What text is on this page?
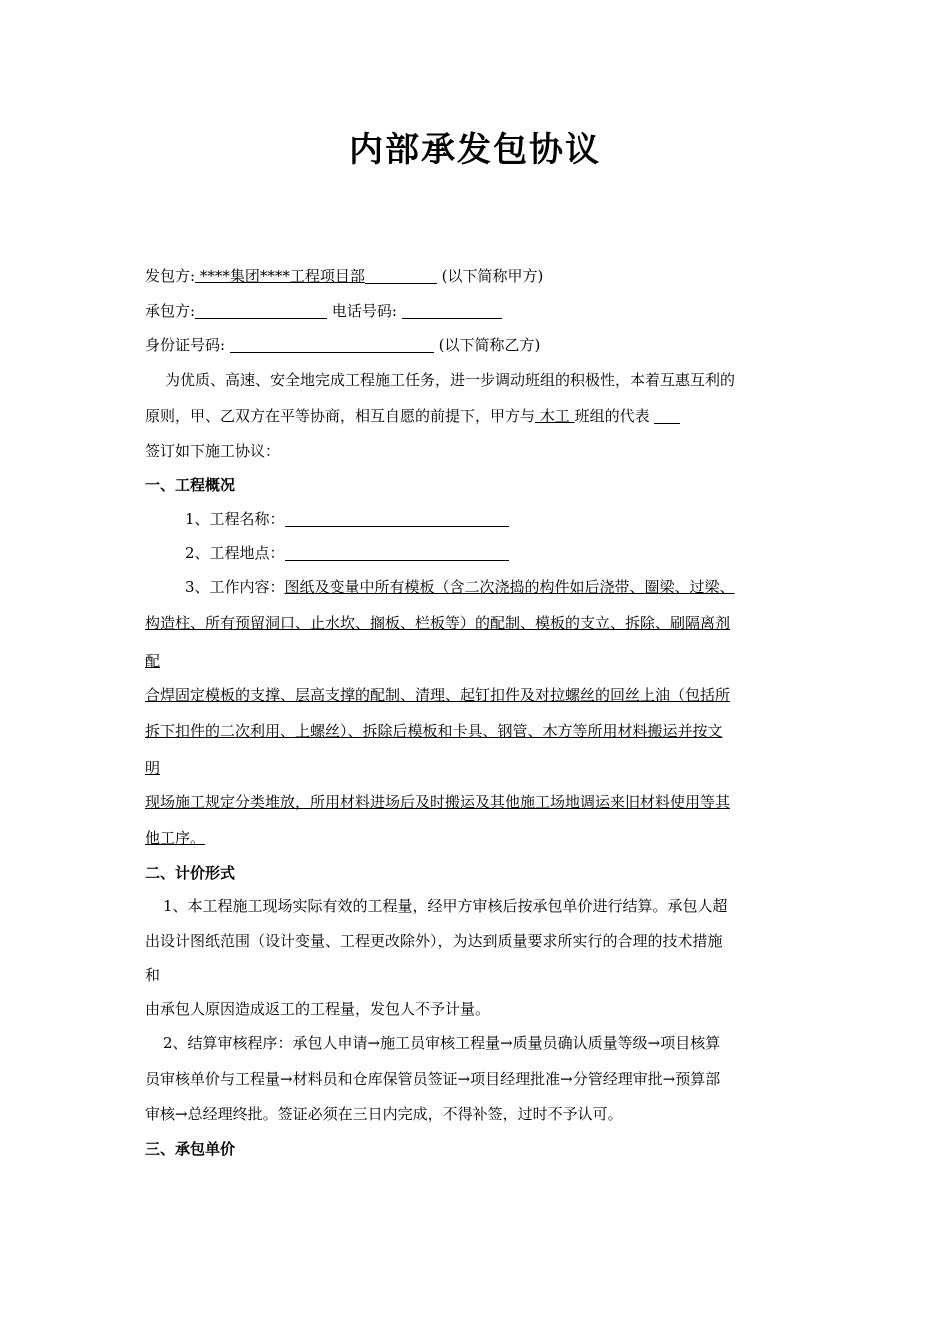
内部承发包协议
发包方: ****集团****工程项目部	(以下简称甲方)
承包方:	电话号码:
身份证号码:	(以下简称乙方)
为优质、高速、安全地完成工程施工任务，进一步调动班组的积极性，本着互惠互利的
原则，甲、乙双方在平等协商，相互自愿的前提下，甲方与 木工 班组的代表
签订如下施工协议：
一、工程概况
1、工程名称：
2、工程地点：
3、工作内容：图纸及变量中所有模板（含二次浇捣的构件如后浇带、圈梁、过梁、
构造柱、所有预留洞口、止水坎、搁板、栏板等）的配制、模板的支立、拆除、刷隔离剂
配
合焊固定模板的支撑、层高支撑的配制、清理、起钉扣件及对拉螺丝的回丝上油（包括所
拆下扣件的二次利用、上螺丝）、拆除后模板和卡具、钢管、木方等所用材料搬运并按文
明
现场施工规定分类堆放，所用材料进场后及时搬运及其他施工场地调运来旧材料使用等其
他工序。
二、计价形式
1、本工程施工现场实际有效的工程量，经甲方审核后按承包单价进行结算。承包人超
出设计图纸范围（设计变量、工程更改除外），为达到质量要求所实行的合理的技术措施
和
由承包人原因造成返工的工程量，发包人不予计量。
2、结算审核程序：承包人申请→施工员审核工程量→质量员确认质量等级→项目核算
员审核单价与工程量→材料员和仓库保管员签证→项目经理批准→分管经理审批→预算部
审核→总经理终批。签证必须在三日内完成，不得补签，过时不予认可。
三、承包单价
